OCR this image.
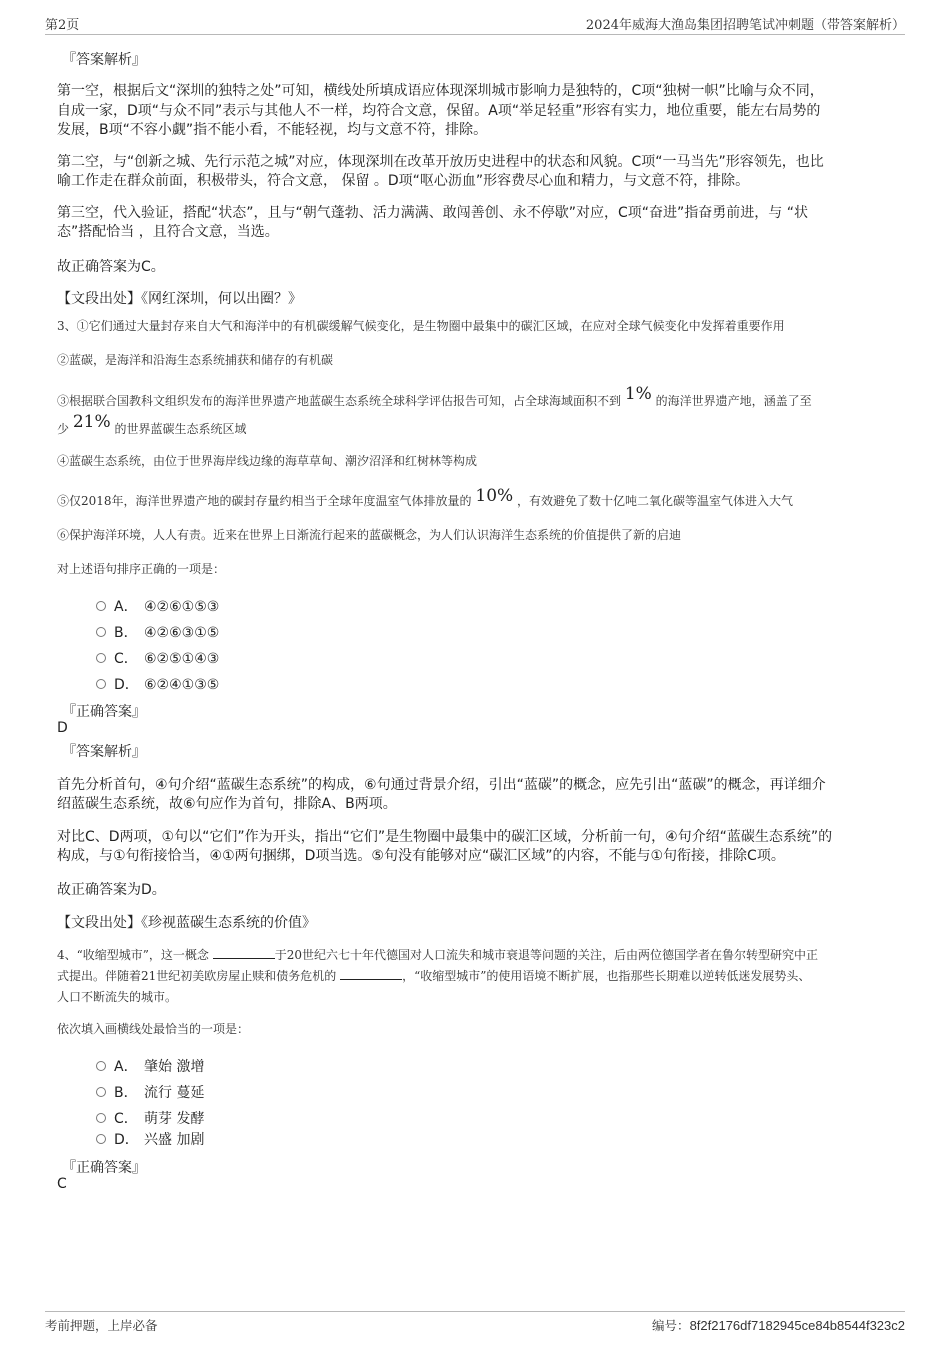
第2页	2024年威海大渔岛集团招聘笔试冲刺题（带答案解析）
『答案解析』
第一空，根据后文“深圳的独特之处”可知，横线处所填成语应体现深圳城市影响力是独特的，C项“独树一帜”比喻与众不同，
自成一家，D项“与众不同”表示与其他人不一样，均符合文意，保留。A项“举足轻重”形容有实力，地位重要，能左右局势的
发展，B项“不容小觑”指不能小看，不能轻视，均与文意不符，排除。
第二空，与“创新之城、先行示范之城”对应，体现深圳在改革开放历史进程中的状态和风貌。C项“一马当先”形容领先，也比
喻工作走在群众前面，积极带头，符合文意， 保留 。D项“呕心沥血”形容费尽心血和精力，与文意不符，排除。
第三空，代入验证，搭配“状态”，且与“朝气蓬勃、活力满满、敢闯善创、永不停歇”对应，C项“奋进”指奋勇前进，与 “状
态”搭配恰当 ，且符合文意，当选。
故正确答案为C。
【文段出处】《网红深圳，何以出圈？》
3、①它们通过大量封存来自大气和海洋中的有机碳缓解气候变化，是生物圈中最集中的碳汇区域，在应对全球气候变化中发挥着重要作用
②蓝碳，是海洋和沿海生态系统捕获和储存的有机碳
③根据联合国教科文组织发布的海洋世界遗产地蓝碳生态系统全球科学评估报告可知，占全球海域面积不到 1% 的海洋世界遗产地，涵盖了至
少 21% 的世界蓝碳生态系统区域
④蓝碳生态系统，由位于世界海岸线边缘的海草草甸、潮汐沼泽和红树林等构成
⑤仅2018年，海洋世界遗产地的碳封存量约相当于全球年度温室气体排放量的 10% ，有效避免了数十亿吨二氧化碳等温室气体进入大气
⑥保护海洋环境，人人有责。近来在世界上日渐流行起来的蓝碳概念，为人们认识海洋生态系统的价值提供了新的启迪
对上述语句排序正确的一项是：
A． ④②⑥①⑤③
B． ④②⑥③①⑤
C． ⑥②⑤①④③
D． ⑥②④①③⑤
『正确答案』
D
『答案解析』
首先分析首句，④句介绍“蓝碳生态系统”的构成，⑥句通过背景介绍，引出“蓝碳”的概念，应先引出“蓝碳”的概念，再详细介
绍蓝碳生态系统，故⑥句应作为首句，排除A、B两项。
对比C、D两项，①句以“它们”作为开头，指出“它们”是生物圈中最集中的碳汇区域，分析前一句，④句介绍“蓝碳生态系统”的
构成，与①句衔接恰当，④①两句捆绑，D项当选。⑤句没有能够对应“碳汇区域”的内容，不能与①句衔接，排除C项。
故正确答案为D。
【文段出处】《珍视蓝碳生态系统的价值》
4、“收缩型城市”，这一概念	于20世纪六七十年代德国对人口流失和城市衰退等问题的关注，后由两位德国学者在鲁尔转型研究中正
式提出。伴随着21世纪初美欧房屋止赎和债务危机的	，“收缩型城市”的使用语境不断扩展，也指那些长期难以逆转低迷发展势头、
人口不断流失的城市。
依次填入画横线处最恰当的一项是：
A． 肇始 激增
B． 流行 蔓延
C． 萌芽 发酵
D． 兴盛 加剧
『正确答案』
C
考前押题，上岸必备	编号：8f2f2176df7182945ce84b8544f323c2
